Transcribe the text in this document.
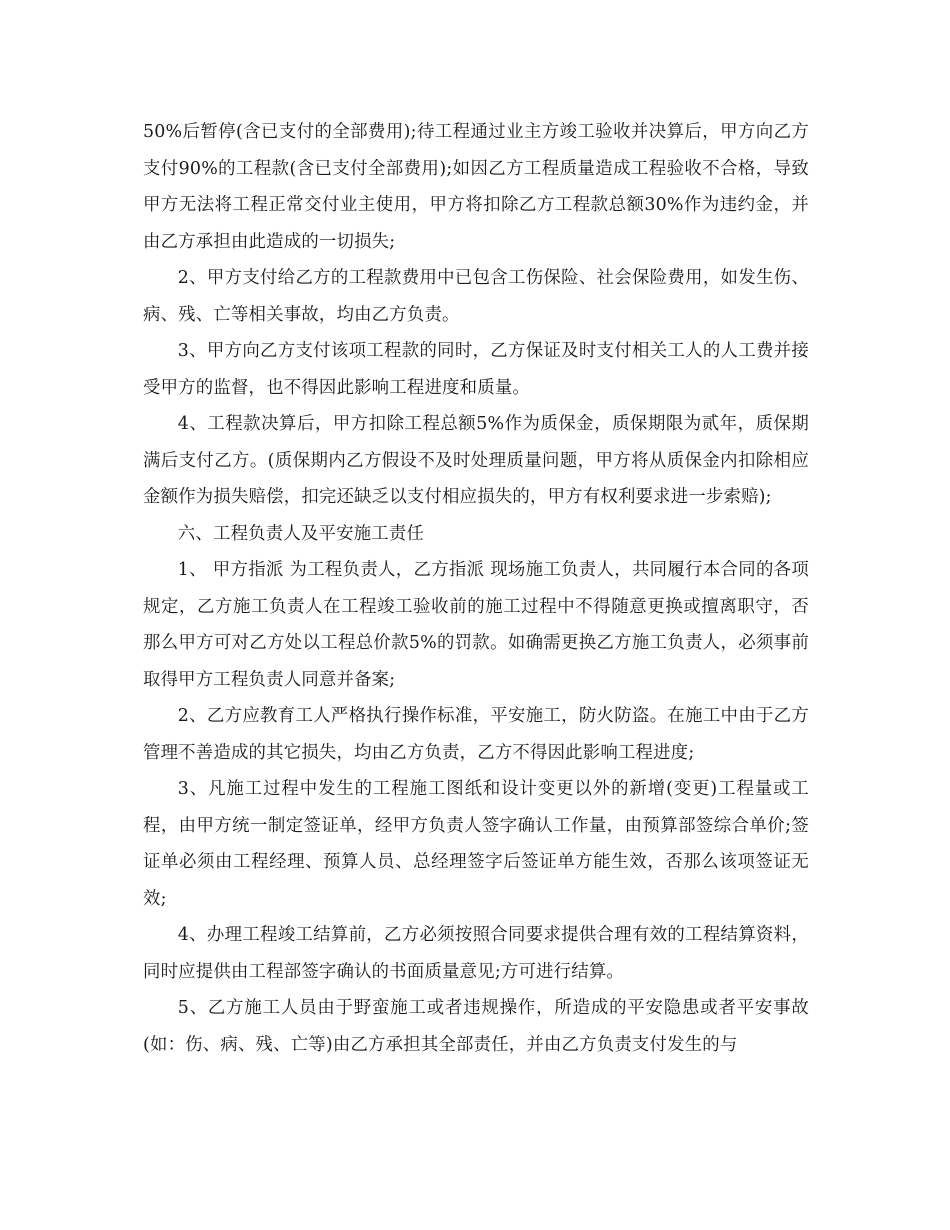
50%后暂停(含已支付的全部费用);待工程通过业主方竣工验收并决算后，甲方向乙方支付90%的工程款(含已支付全部费用);如因乙方工程质量造成工程验收不合格，导致甲方无法将工程正常交付业主使用，甲方将扣除乙方工程款总额30%作为违约金，并由乙方承担由此造成的一切损失;

2、甲方支付给乙方的工程款费用中已包含工伤保险、社会保险费用，如发生伤、病、残、亡等相关事故，均由乙方负责。

3、甲方向乙方支付该项工程款的同时，乙方保证及时支付相关工人的人工费并接受甲方的监督，也不得因此影响工程进度和质量。

4、工程款决算后，甲方扣除工程总额5%作为质保金，质保期限为贰年，质保期满后支付乙方。(质保期内乙方假设不及时处理质量问题，甲方将从质保金内扣除相应金额作为损失赔偿，扣完还缺乏以支付相应损失的，甲方有权利要求进一步索赔);

六、工程负责人及平安施工责任

1、 甲方指派 为工程负责人，乙方指派 现场施工负责人，共同履行本合同的各项规定，乙方施工负责人在工程竣工验收前的施工过程中不得随意更换或擅离职守，否那么甲方可对乙方处以工程总价款5%的罚款。如确需更换乙方施工负责人，必须事前取得甲方工程负责人同意并备案;

2、乙方应教育工人严格执行操作标准，平安施工，防火防盗。在施工中由于乙方管理不善造成的其它损失，均由乙方负责，乙方不得因此影响工程进度;

3、凡施工过程中发生的工程施工图纸和设计变更以外的新增(变更)工程量或工程，由甲方统一制定签证单，经甲方负责人签字确认工作量，由预算部签综合单价;签证单必须由工程经理、预算人员、总经理签字后签证单方能生效，否那么该项签证无效;

4、办理工程竣工结算前，乙方必须按照合同要求提供合理有效的工程结算资料，同时应提供由工程部签字确认的书面质量意见;方可进行结算。

5、乙方施工人员由于野蛮施工或者违规操作，所造成的平安隐患或者平安事故(如：伤、病、残、亡等)由乙方承担其全部责任，并由乙方负责支付发生的与
